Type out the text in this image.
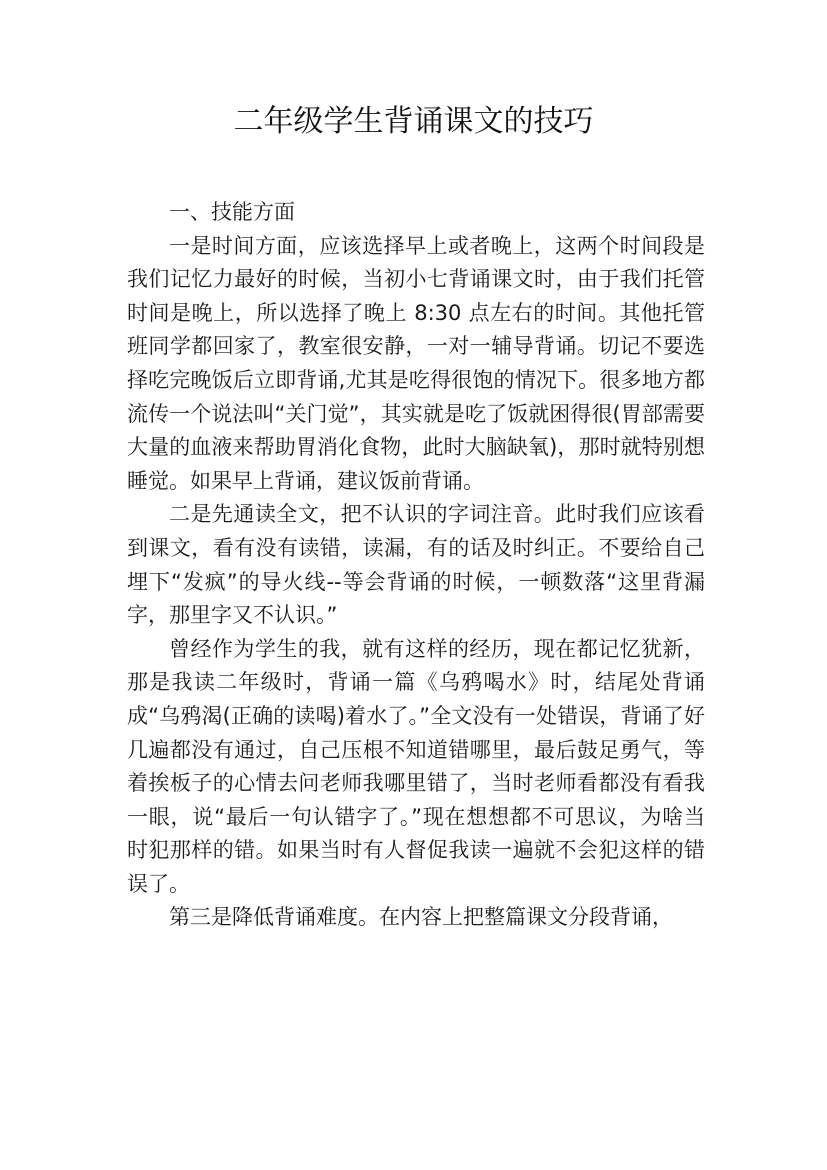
二年级学生背诵课文的技巧

一、技能方面

一是时间方面，应该选择早上或者晚上，这两个时间段是我们记忆力最好的时候，当初小七背诵课文时，由于我们托管时间是晚上，所以选择了晚上 8:30 点左右的时间。其他托管班同学都回家了，教室很安静，一对一辅导背诵。切记不要选择吃完晚饭后立即背诵,尤其是吃得很饱的情况下。很多地方都流传一个说法叫“关门觉”，其实就是吃了饭就困得很(胃部需要大量的血液来帮助胃消化食物，此时大脑缺氧)，那时就特别想睡觉。如果早上背诵，建议饭前背诵。

二是先通读全文，把不认识的字词注音。此时我们应该看到课文，看有没有读错，读漏，有的话及时纠正。不要给自己埋下“发疯”的导火线--等会背诵的时候，一顿数落“这里背漏字，那里字又不认识。”

曾经作为学生的我，就有这样的经历，现在都记忆犹新，那是我读二年级时，背诵一篇《乌鸦喝水》时，结尾处背诵成“乌鸦渴(正确的读喝)着水了。”全文没有一处错误，背诵了好几遍都没有通过，自己压根不知道错哪里，最后鼓足勇气，等着挨板子的心情去问老师我哪里错了，当时老师看都没有看我一眼，说“最后一句认错字了。”现在想想都不可思议，为啥当时犯那样的错。如果当时有人督促我读一遍就不会犯这样的错误了。

第三是降低背诵难度。在内容上把整篇课文分段背诵，
